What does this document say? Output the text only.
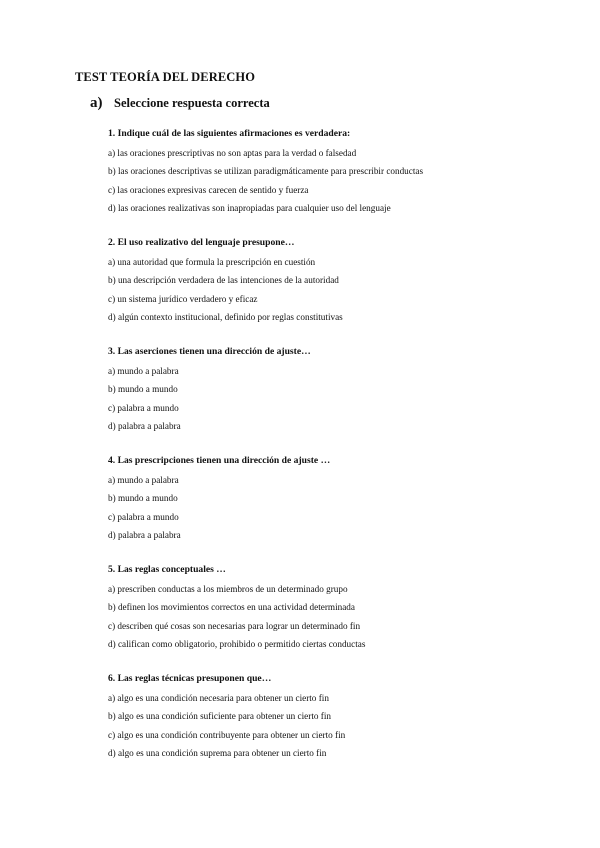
TEST TEORÍA DEL DERECHO
a) Seleccione respuesta correcta
1. Indique cuál de las siguientes afirmaciones es verdadera:
a) las oraciones prescriptivas no son aptas para la verdad o falsedad
b) las oraciones descriptivas se utilizan paradigmáticamente para prescribir conductas
c) las oraciones expresivas carecen de sentido y fuerza
d) las oraciones realizativas son inapropiadas para cualquier uso del lenguaje
2. El uso realizativo del lenguaje presupone…
a) una autoridad que formula la prescripción en cuestión
b) una descripción verdadera de las intenciones de la autoridad
c) un sistema jurídico verdadero y eficaz
d) algún contexto institucional, definido por reglas constitutivas
3. Las aserciones tienen una dirección de ajuste…
a) mundo a palabra
b) mundo a mundo
c) palabra a mundo
d) palabra a palabra
4. Las prescripciones tienen una dirección de ajuste …
a) mundo a palabra
b) mundo a mundo
c) palabra a mundo
d) palabra a palabra
5. Las reglas conceptuales …
a) prescriben conductas a los miembros de un determinado grupo
b) definen los movimientos correctos en una actividad determinada
c) describen qué cosas son necesarias para lograr un determinado fin
d) califican como obligatorio, prohibido o permitido ciertas conductas
6. Las reglas técnicas presuponen que…
a) algo es una condición necesaria para obtener un cierto fin
b) algo es una condición suficiente para obtener un cierto fin
c) algo es una condición contribuyente para obtener un cierto fin
d) algo es una condición suprema para obtener un cierto fin
